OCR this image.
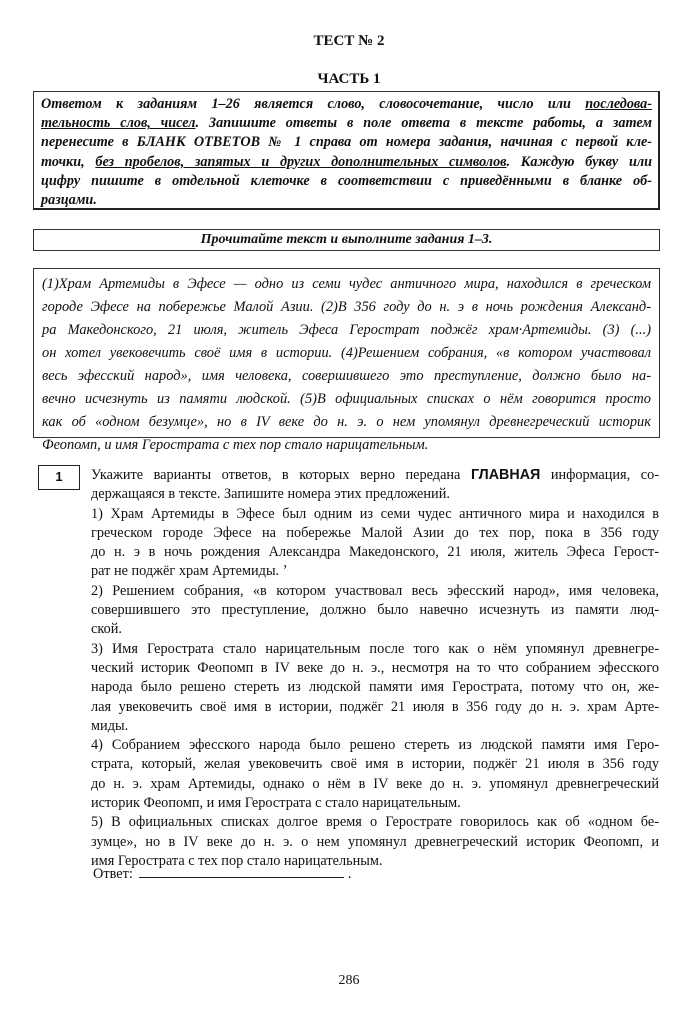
ТЕСТ № 2
ЧАСТЬ 1
Ответом к заданиям 1–26 является слово, словосочетание, число или последова-
тельность слов, чисел. Запишите ответы в поле ответа в тексте работы, а затем
перенесите в БЛАНК ОТВЕТОВ № 1 справа от номера задания, начиная с первой кле-
точки, без пробелов, запятых и других дополнительных символов. Каждую букву или
цифру пишите в отдельной клеточке в соответствии с приведёнными в бланке об-
разцами.
Прочитайте текст и выполните задания 1–3.
(1)Храм Артемиды в Эфесе — одно из семи чудес античного мира, находился в греческом
городе Эфесе на побережье Малой Азии. (2)В 356 году до н. э в ночь рождения Александ-
ра Македонского, 21 июля, житель Эфеса Герострат поджёг храм·Артемиды. (3) (...)
он хотел увековечить своё имя в истории. (4)Решением собрания, «в котором участвовал
весь эфесский народ», имя человека, совершившего это преступление, должно было на-
вечно исчезнуть из памяти людской. (5)В официальных списках о нём говорится просто
как об «одном безумце», но в IV веке до н. э. о нем упомянул древнегреческий историк
Феопомп, и имя Герострата с тех пор стало нарицательным.
1	Укажите варианты ответов, в которых верно передана ГЛАВНАЯ информация, со-
держащаяся в тексте. Запишите номера этих предложений.
1) Храм Артемиды в Эфесе был одним из семи чудес античного мира и находился в
греческом городе Эфесе на побережье Малой Азии до тех пор, пока в 356 году
до н. э в ночь рождения Александра Македонского, 21 июля, житель Эфеса Герост-
рат не поджёг храм Артемиды. ʼ
2) Решением собрания, «в котором участвовал весь эфесский народ», имя человека,
совершившего это преступление, должно было навечно исчезнуть из памяти люд-
ской.
3) Имя Герострата стало нарицательным после того как о нём упомянул древнегре-
ческий историк Феопомп в IV веке до н. э., несмотря на то что собранием эфесского
народа было решено стереть из людской памяти имя Герострата, потому что он, же-
лая увековечить своё имя в истории, поджёг 21 июля в 356 году до н. э. храм Арте-
миды.
4) Собранием эфесского народа было решено стереть из людской памяти имя Геро-
страта, который, желая увековечить своё имя в истории, поджёг 21 июля в 356 году
до н. э. храм Артемиды, однако о нём в IV веке до н. э. упомянул древнегреческий
историк Феопомп, и имя Герострата с стало нарицательным.
5) В официальных списках долгое время о Герострате говорилось как об «одном бе-
зумце», но в IV веке до н. э. о нем упомянул древнегреческий историк Феопомп, и
имя Герострата с тех пор стало нарицательным.
Ответ:	.
286
